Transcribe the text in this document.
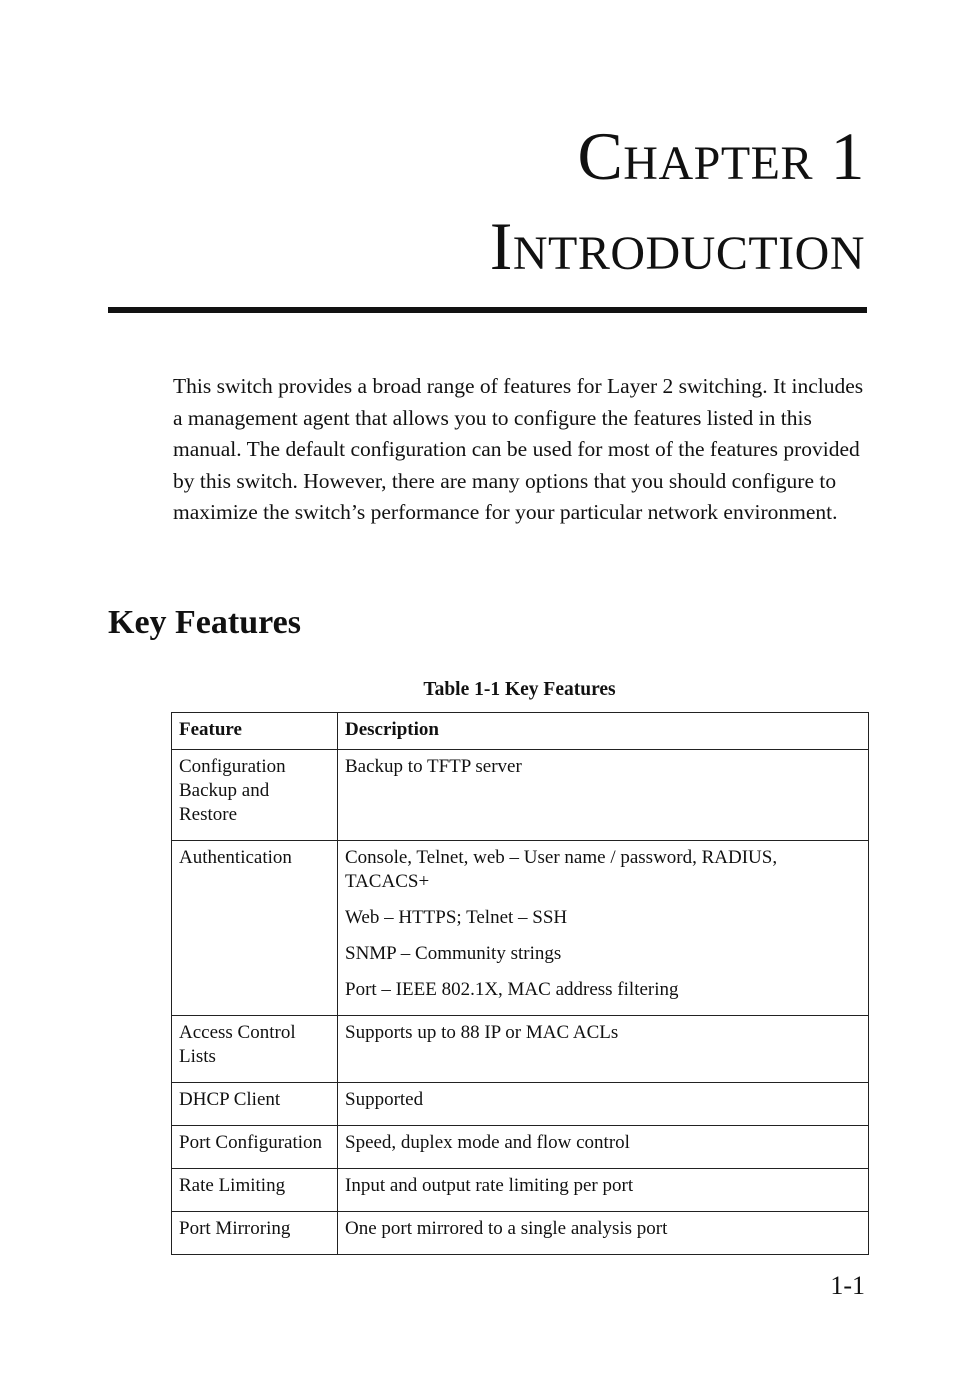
Chapter 1
Introduction

This switch provides a broad range of features for Layer 2 switching. It includes a management agent that allows you to configure the features listed in this manual. The default configuration can be used for most of the features provided by this switch. However, there are many options that you should configure to maximize the switch’s performance for your particular network environment.

Key Features
Table 1-1 Key Features
Feature	Description
Configuration Backup and Restore	Backup to TFTP server

Authentication	Console, Telnet, web – User name / password, RADIUS, TACACS+
Web – HTTPS; Telnet – SSH
SNMP – Community strings
Port – IEEE 802.1X, MAC address filtering

Access Control Lists	Supports up to 88 IP or MAC ACLs

DHCP Client	Supported

Port Configuration	Speed, duplex mode and flow control

Rate Limiting	Input and output rate limiting per port

Port Mirroring	One port mirrored to a single analysis port
1-1
